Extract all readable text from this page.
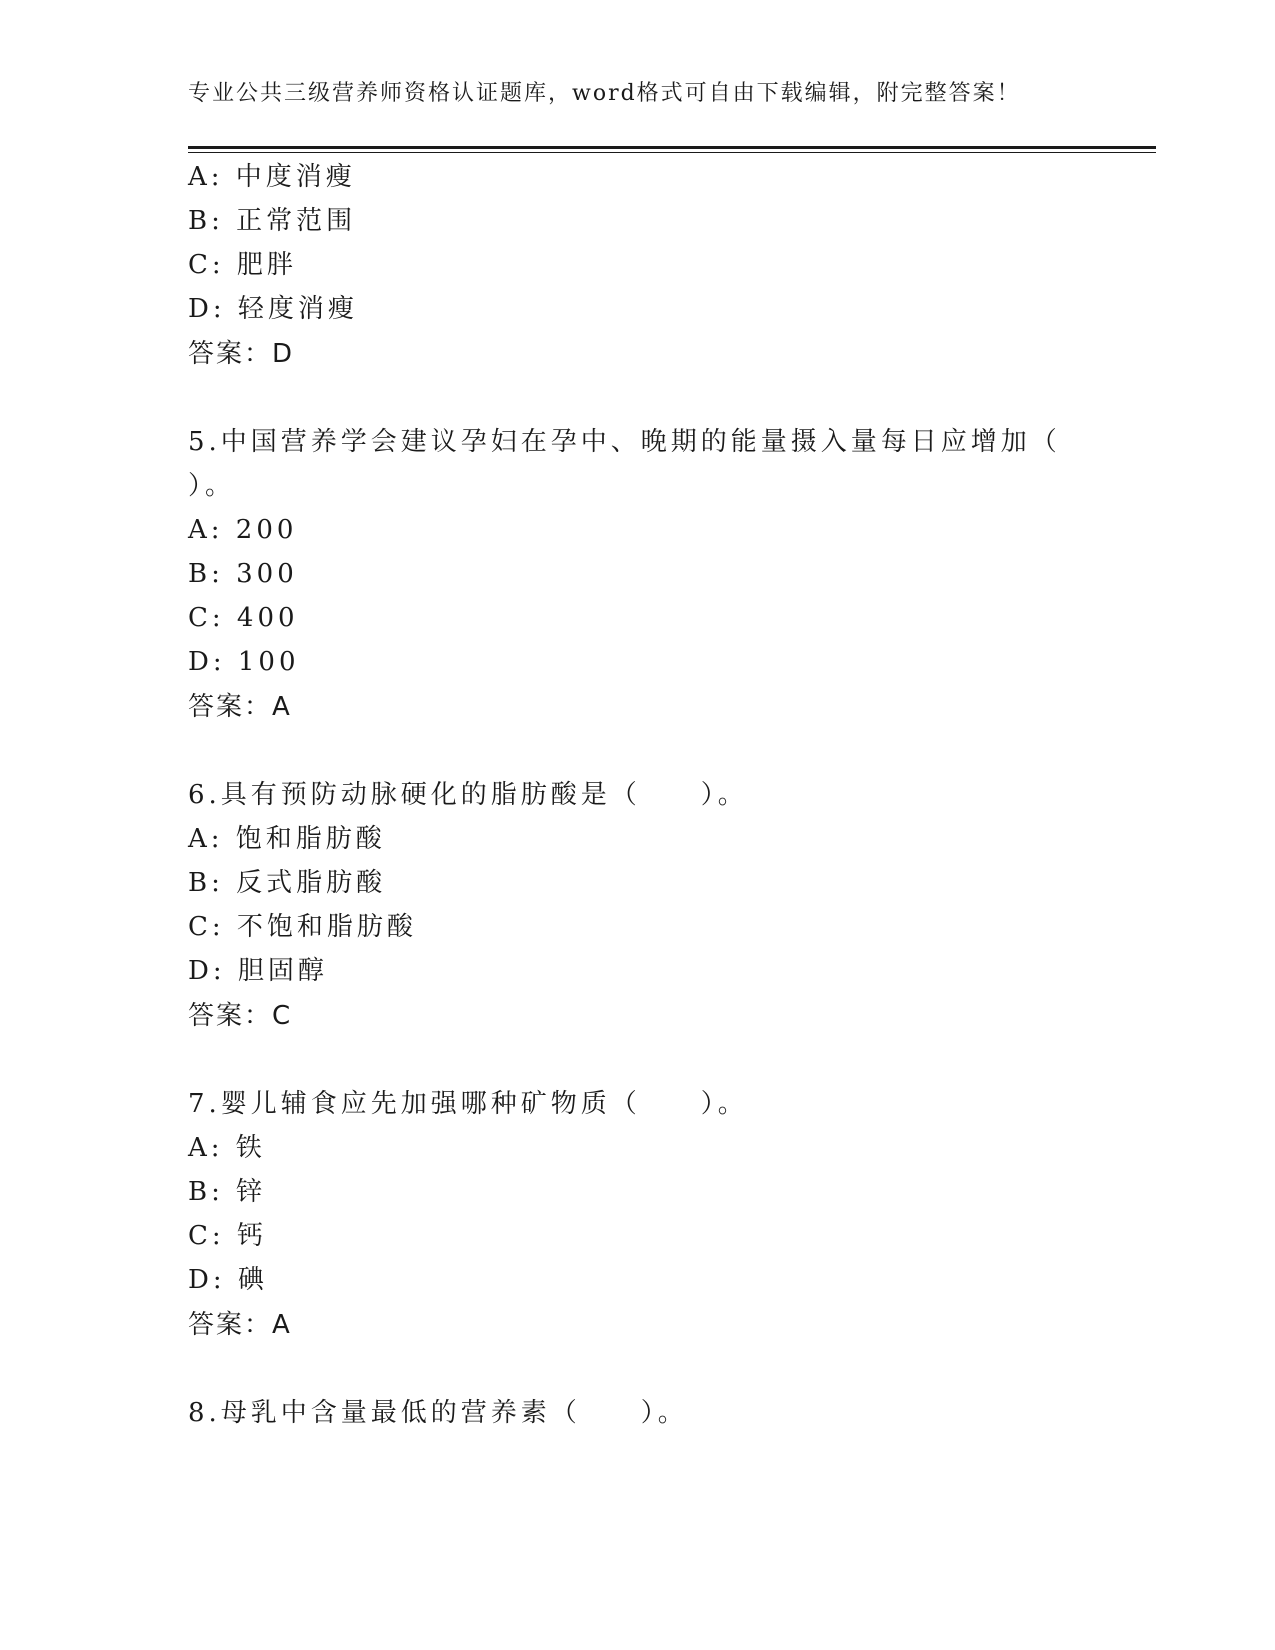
专业公共三级营养师资格认证题库，word格式可自由下载编辑，附完整答案！
A: 中度消瘦
B: 正常范围
C: 肥胖
D: 轻度消瘦
答案：D
5.中国营养学会建议孕妇在孕中、晚期的能量摄入量每日应增加（
）。
A: 200
B: 300
C: 400
D: 100
答案：A
6.具有预防动脉硬化的脂肪酸是（　　）。
A: 饱和脂肪酸
B: 反式脂肪酸
C: 不饱和脂肪酸
D: 胆固醇
答案：C
7.婴儿辅食应先加强哪种矿物质（　　）。
A: 铁
B: 锌
C: 钙
D: 碘
答案：A
8.母乳中含量最低的营养素（　　）。
